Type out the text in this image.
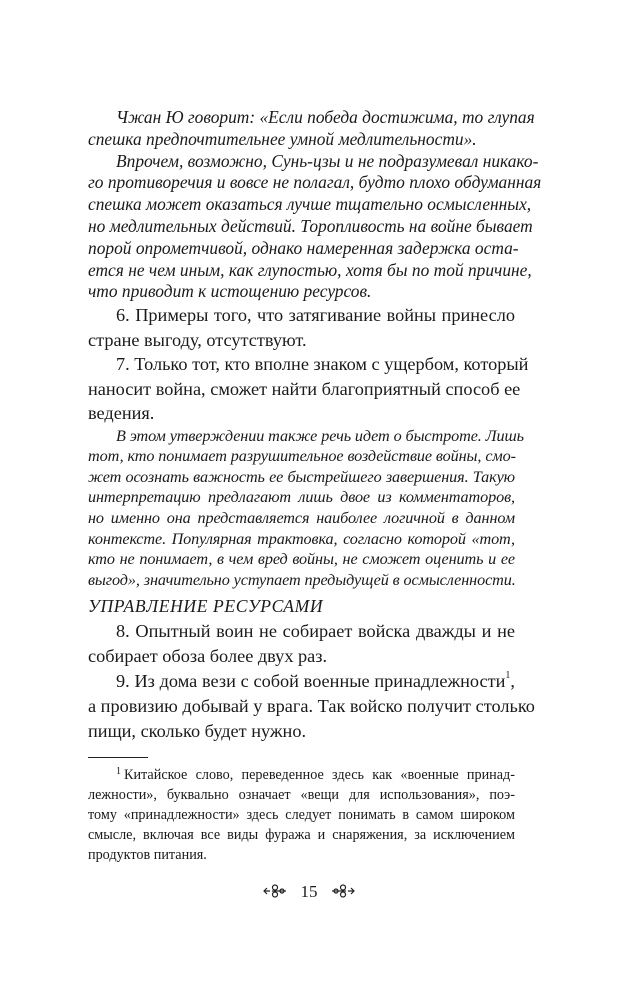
Чжан Ю говорит: «Если победа достижима, то глупая
спешка предпочтительнее умной медлительности».
Впрочем, возможно, Сунь-цзы и не подразумевал никако-
го противоречия и вовсе не полагал, будто плохо обдуманная
спешка может оказаться лучше тщательно осмысленных,
но медлительных действий. Торопливость на войне бывает
порой опрометчивой, однако намеренная задержка оста-
ется не чем иным, как глупостью, хотя бы по той причине,
что приводит к истощению ресурсов.
6. Примеры того, что затягивание войны принесло
стране выгоду, отсутствуют.
7. Только тот, кто вполне знаком с ущербом, который
наносит война, сможет найти благоприятный способ ее
ведения.
В этом утверждении также речь идет о быстроте. Лишь
тот, кто понимает разрушительное воздействие войны, смо-
жет осознать важность ее быстрейшего завершения. Такую
интерпретацию предлагают лишь двое из комментаторов,
но именно она представляется наиболее логичной в данном
контексте. Популярная трактовка, согласно которой «тот,
кто не понимает, в чем вред войны, не сможет оценить и ее
выгод», значительно уступает предыдущей в осмысленности.
УПРАВЛЕНИЕ РЕСУРСАМИ
8. Опытный воин не собирает войска дважды и не
собирает обоза более двух раз.
9. Из дома вези с собой военные принадлежности$^1$,
а провизию добывай у врага. Так войско получит столько
пищи, сколько будет нужно.
$^1$ Китайское слово, переведенное здесь как «военные принад-
лежности», буквально означает «вещи для использования», поэ-
тому «принадлежности» здесь следует понимать в самом широком
смысле, включая все виды фуража и снаряжения, за исключением
продуктов питания.
15
